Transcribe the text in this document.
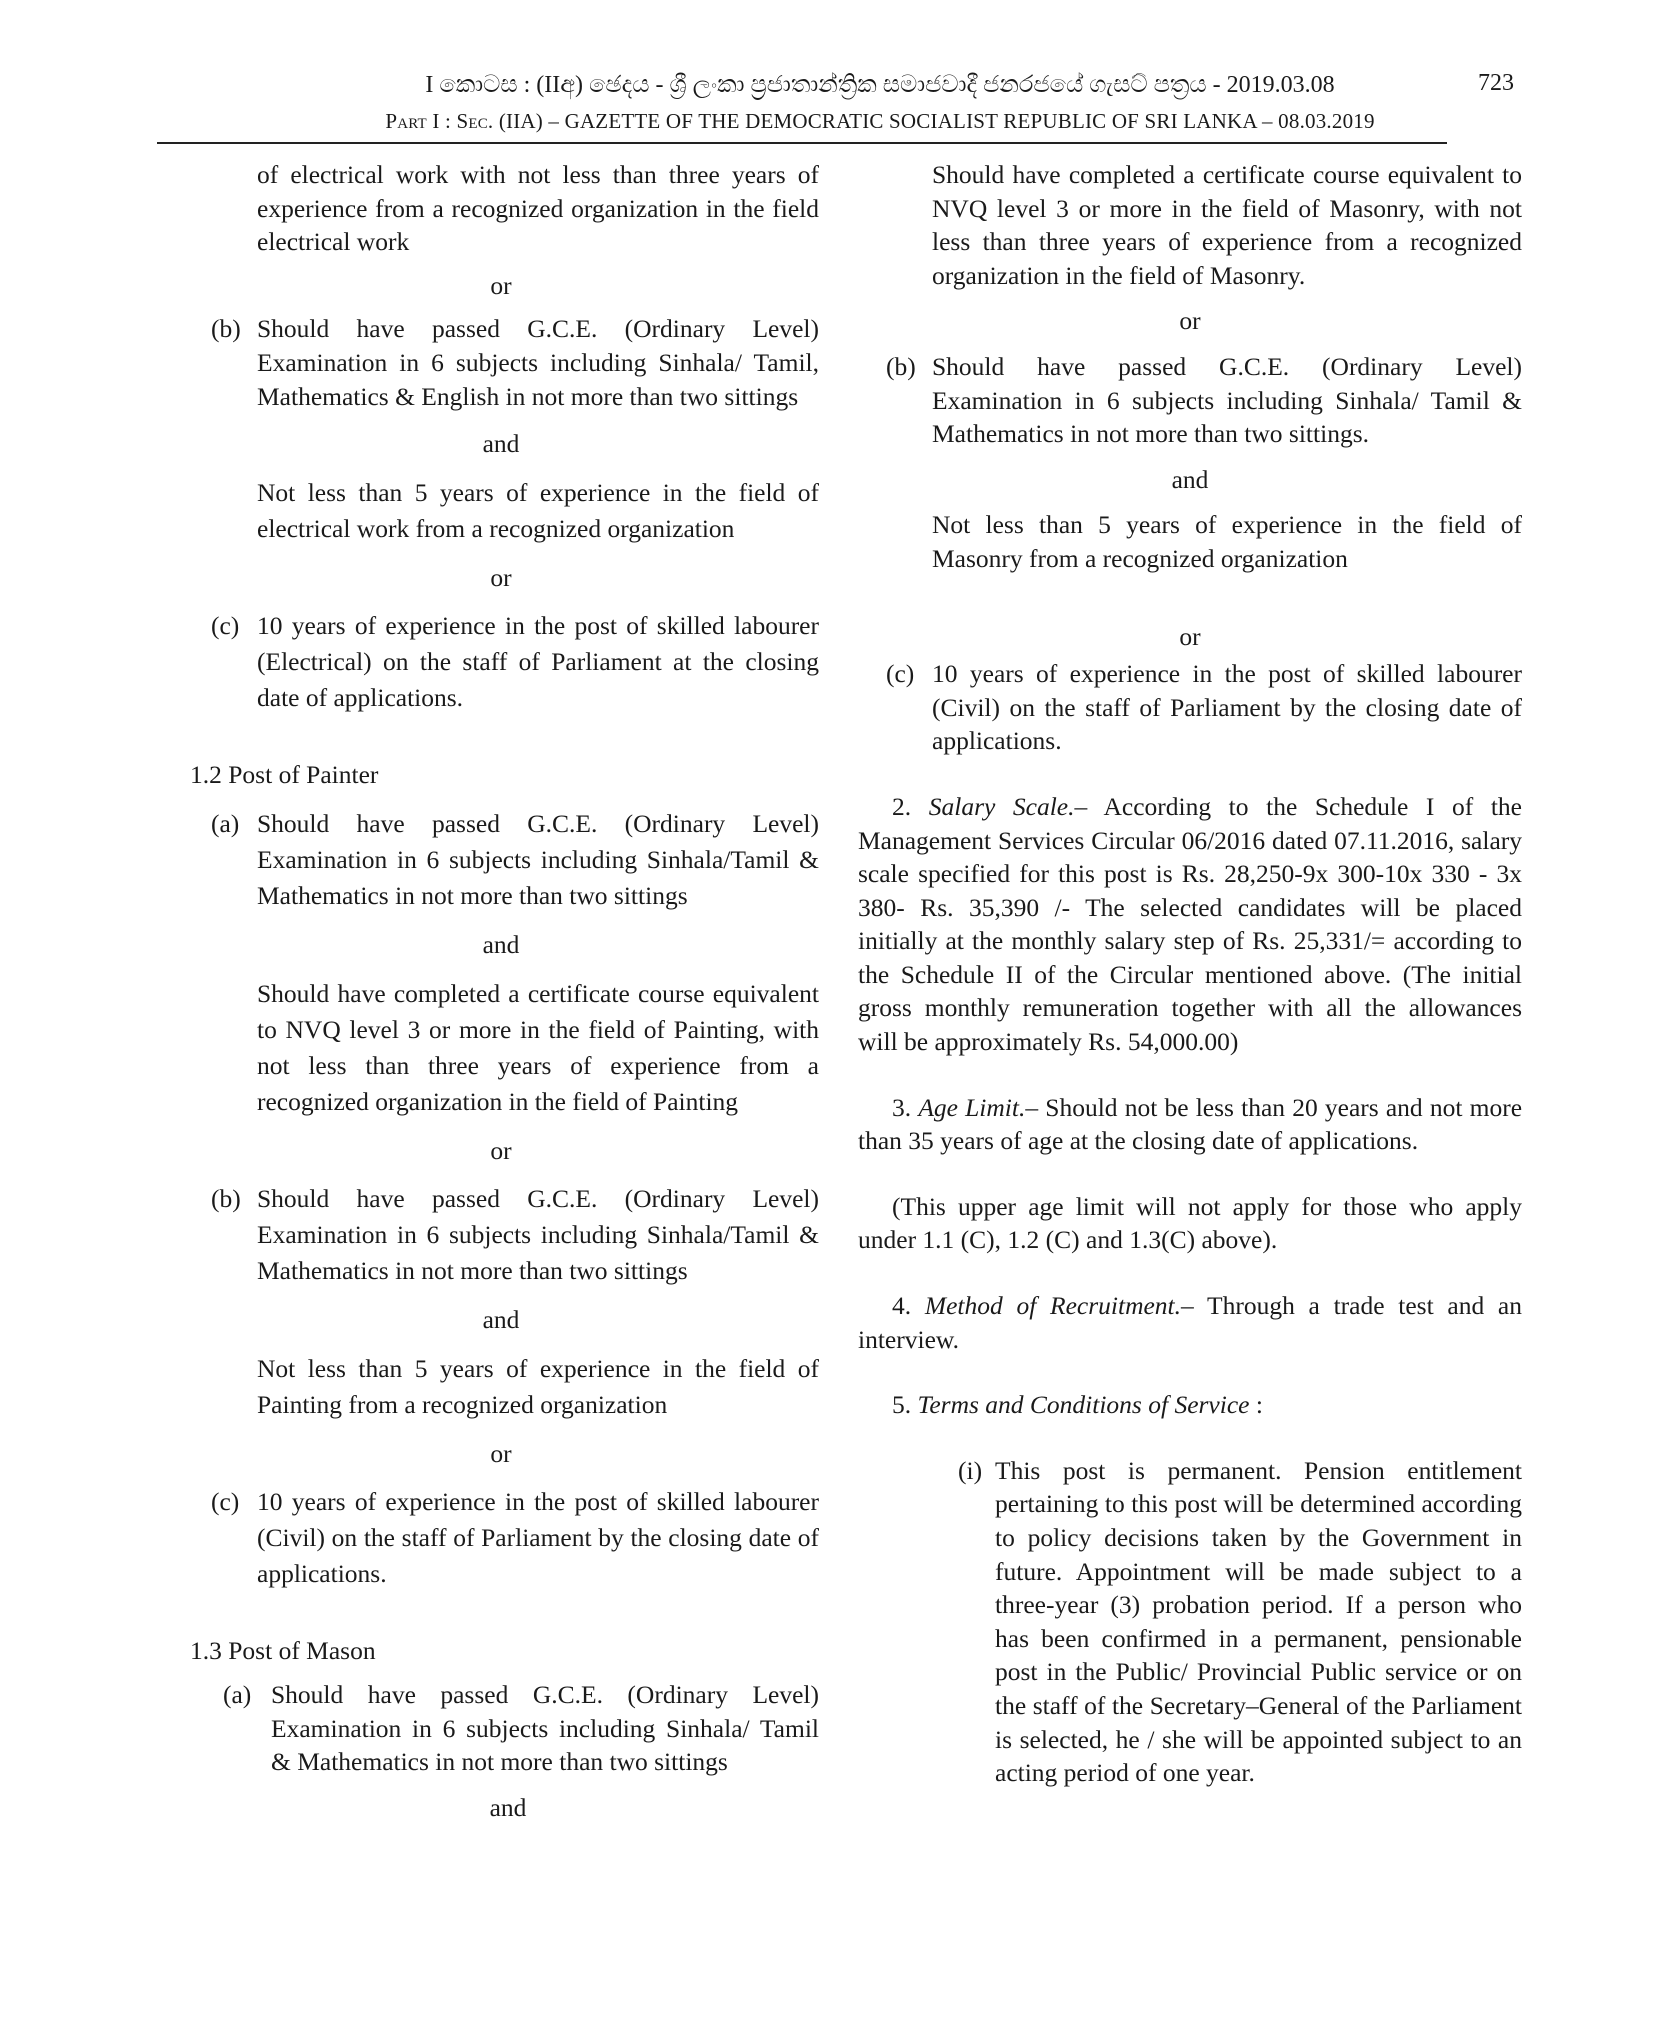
I කොටස : (IIඅ) ඡෙදය - ශ්‍රී ලංකා ප්‍රජාතාන්ත්‍රික සමාජවාදී ජනරජයේ ගැසට් පත්‍රය - 2019.03.08	723
Part I : Sec. (IIA) – GAZETTE OF THE DEMOCRATIC SOCIALIST REPUBLIC OF SRI LANKA – 08.03.2019

of electrical work with not less than three years of experience from a recognized organization in the field electrical work

or

(b) Should have passed G.C.E. (Ordinary Level) Examination in 6 subjects including Sinhala/ Tamil, Mathematics & English in not more than two sittings

and

Not less than 5 years of experience in the field of electrical work from a recognized organization

or

(c) 10 years of experience in the post of skilled labourer (Electrical) on the staff of Parliament at the closing date of applications.

1.2 Post of Painter

(a) Should have passed G.C.E. (Ordinary Level) Examination in 6 subjects including Sinhala/Tamil & Mathematics in not more than two sittings

and

Should have completed a certificate course equivalent to NVQ level 3 or more in the field of Painting, with not less than three years of experience from a recognized organization in the field of Painting

or

(b) Should have passed G.C.E. (Ordinary Level) Examination in 6 subjects including Sinhala/Tamil & Mathematics in not more than two sittings

and

Not less than 5 years of experience in the field of Painting from a recognized organization

or

(c) 10 years of experience in the post of skilled labourer (Civil) on the staff of Parliament by the closing date of applications.

1.3 Post of Mason

(a) Should have passed G.C.E. (Ordinary Level) Examination in 6 subjects including Sinhala/ Tamil & Mathematics in not more than two sittings

and

Should have completed a certificate course equivalent to NVQ level 3 or more in the field of Masonry, with not less than three years of experience from a recognized organization in the field of Masonry.

or

(b) Should have passed G.C.E. (Ordinary Level) Examination in 6 subjects including Sinhala/ Tamil & Mathematics in not more than two sittings.

and

Not less than 5 years of experience in the field of Masonry from a recognized organization

or

(c) 10 years of experience in the post of skilled labourer (Civil) on the staff of Parliament by the closing date of applications.

2. Salary Scale.– According to the Schedule I of the Management Services Circular 06/2016 dated 07.11.2016, salary scale specified for this post is Rs. 28,250-9x 300-10x 330 - 3x 380- Rs. 35,390 /- The selected candidates will be placed initially at the monthly salary step of Rs. 25,331/= according to the Schedule II of the Circular mentioned above. (The initial gross monthly remuneration together with all the allowances will be approximately Rs. 54,000.00)

3. Age Limit.– Should not be less than 20 years and not more than 35 years of age at the closing date of applications.

(This upper age limit will not apply for those who apply under 1.1 (C), 1.2 (C) and 1.3(C) above).

4. Method of Recruitment.– Through a trade test and an interview.

5. Terms and Conditions of Service :

(i) This post is permanent. Pension entitlement pertaining to this post will be determined according to policy decisions taken by the Government in future. Appointment will be made subject to a three-year (3) probation period. If a person who has been confirmed in a permanent, pensionable post in the Public/ Provincial Public service or on the staff of the Secretary–General of the Parliament is selected, he / she will be appointed subject to an acting period of one year.
